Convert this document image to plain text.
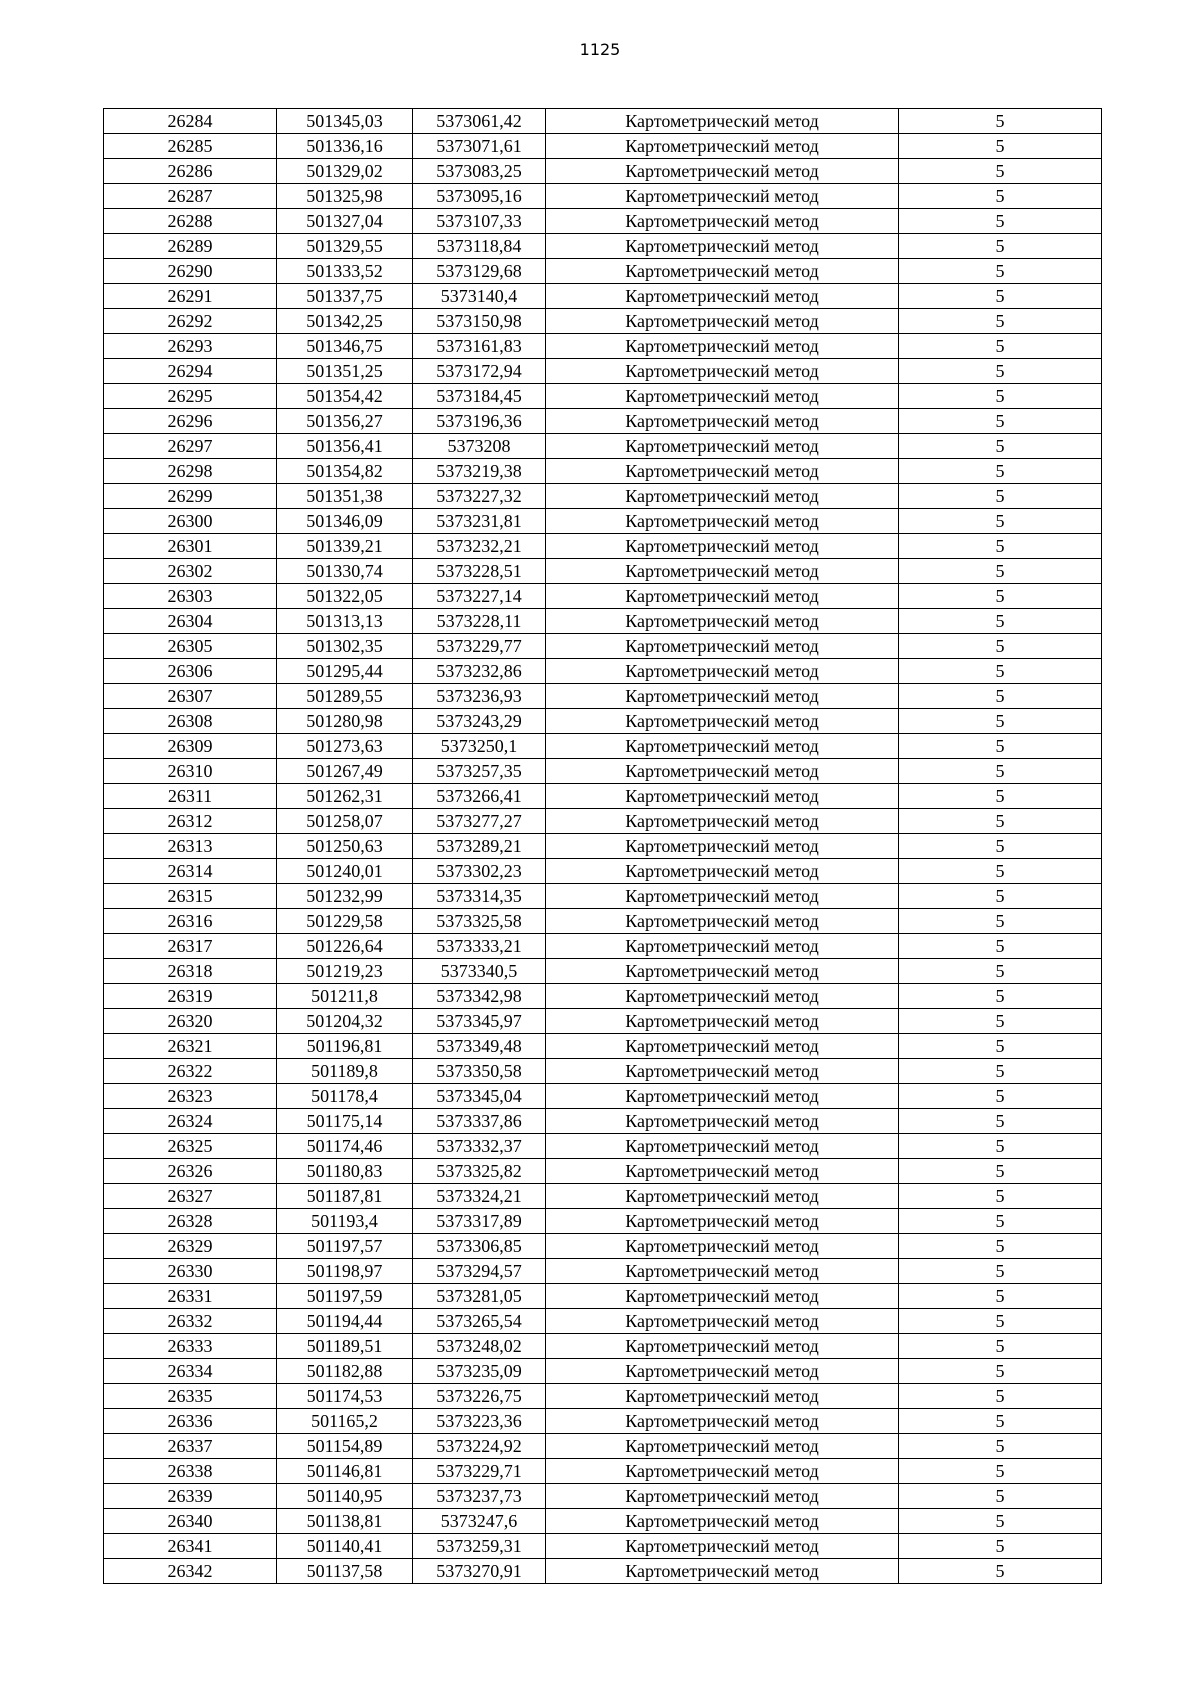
1125
26284	501345,03	5373061,42	Картометрический метод	5
26285	501336,16	5373071,61	Картометрический метод	5
26286	501329,02	5373083,25	Картометрический метод	5
26287	501325,98	5373095,16	Картометрический метод	5
26288	501327,04	5373107,33	Картометрический метод	5
26289	501329,55	5373118,84	Картометрический метод	5
26290	501333,52	5373129,68	Картометрический метод	5
26291	501337,75	5373140,4	Картометрический метод	5
26292	501342,25	5373150,98	Картометрический метод	5
26293	501346,75	5373161,83	Картометрический метод	5
26294	501351,25	5373172,94	Картометрический метод	5
26295	501354,42	5373184,45	Картометрический метод	5
26296	501356,27	5373196,36	Картометрический метод	5
26297	501356,41	5373208	Картометрический метод	5
26298	501354,82	5373219,38	Картометрический метод	5
26299	501351,38	5373227,32	Картометрический метод	5
26300	501346,09	5373231,81	Картометрический метод	5
26301	501339,21	5373232,21	Картометрический метод	5
26302	501330,74	5373228,51	Картометрический метод	5
26303	501322,05	5373227,14	Картометрический метод	5
26304	501313,13	5373228,11	Картометрический метод	5
26305	501302,35	5373229,77	Картометрический метод	5
26306	501295,44	5373232,86	Картометрический метод	5
26307	501289,55	5373236,93	Картометрический метод	5
26308	501280,98	5373243,29	Картометрический метод	5
26309	501273,63	5373250,1	Картометрический метод	5
26310	501267,49	5373257,35	Картометрический метод	5
26311	501262,31	5373266,41	Картометрический метод	5
26312	501258,07	5373277,27	Картометрический метод	5
26313	501250,63	5373289,21	Картометрический метод	5
26314	501240,01	5373302,23	Картометрический метод	5
26315	501232,99	5373314,35	Картометрический метод	5
26316	501229,58	5373325,58	Картометрический метод	5
26317	501226,64	5373333,21	Картометрический метод	5
26318	501219,23	5373340,5	Картометрический метод	5
26319	501211,8	5373342,98	Картометрический метод	5
26320	501204,32	5373345,97	Картометрический метод	5
26321	501196,81	5373349,48	Картометрический метод	5
26322	501189,8	5373350,58	Картометрический метод	5
26323	501178,4	5373345,04	Картометрический метод	5
26324	501175,14	5373337,86	Картометрический метод	5
26325	501174,46	5373332,37	Картометрический метод	5
26326	501180,83	5373325,82	Картометрический метод	5
26327	501187,81	5373324,21	Картометрический метод	5
26328	501193,4	5373317,89	Картометрический метод	5
26329	501197,57	5373306,85	Картометрический метод	5
26330	501198,97	5373294,57	Картометрический метод	5
26331	501197,59	5373281,05	Картометрический метод	5
26332	501194,44	5373265,54	Картометрический метод	5
26333	501189,51	5373248,02	Картометрический метод	5
26334	501182,88	5373235,09	Картометрический метод	5
26335	501174,53	5373226,75	Картометрический метод	5
26336	501165,2	5373223,36	Картометрический метод	5
26337	501154,89	5373224,92	Картометрический метод	5
26338	501146,81	5373229,71	Картометрический метод	5
26339	501140,95	5373237,73	Картометрический метод	5
26340	501138,81	5373247,6	Картометрический метод	5
26341	501140,41	5373259,31	Картометрический метод	5
26342	501137,58	5373270,91	Картометрический метод	5
